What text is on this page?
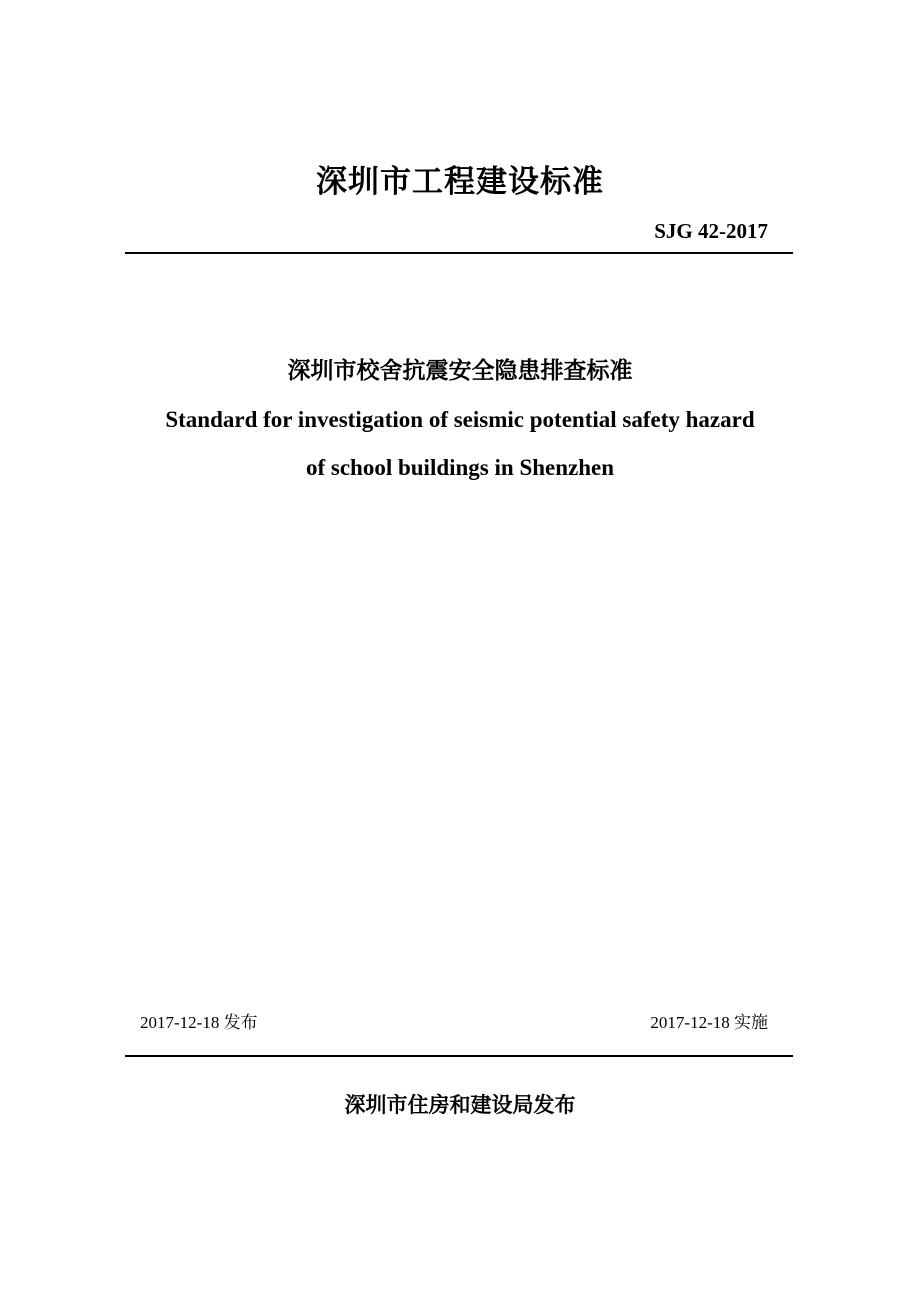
深圳市工程建设标准
SJG 42-2017
深圳市校舍抗震安全隐患排查标准
Standard for investigation of seismic potential safety hazard
of school buildings in Shenzhen
2017-12-18 发布	2017-12-18 实施
深圳市住房和建设局发布
